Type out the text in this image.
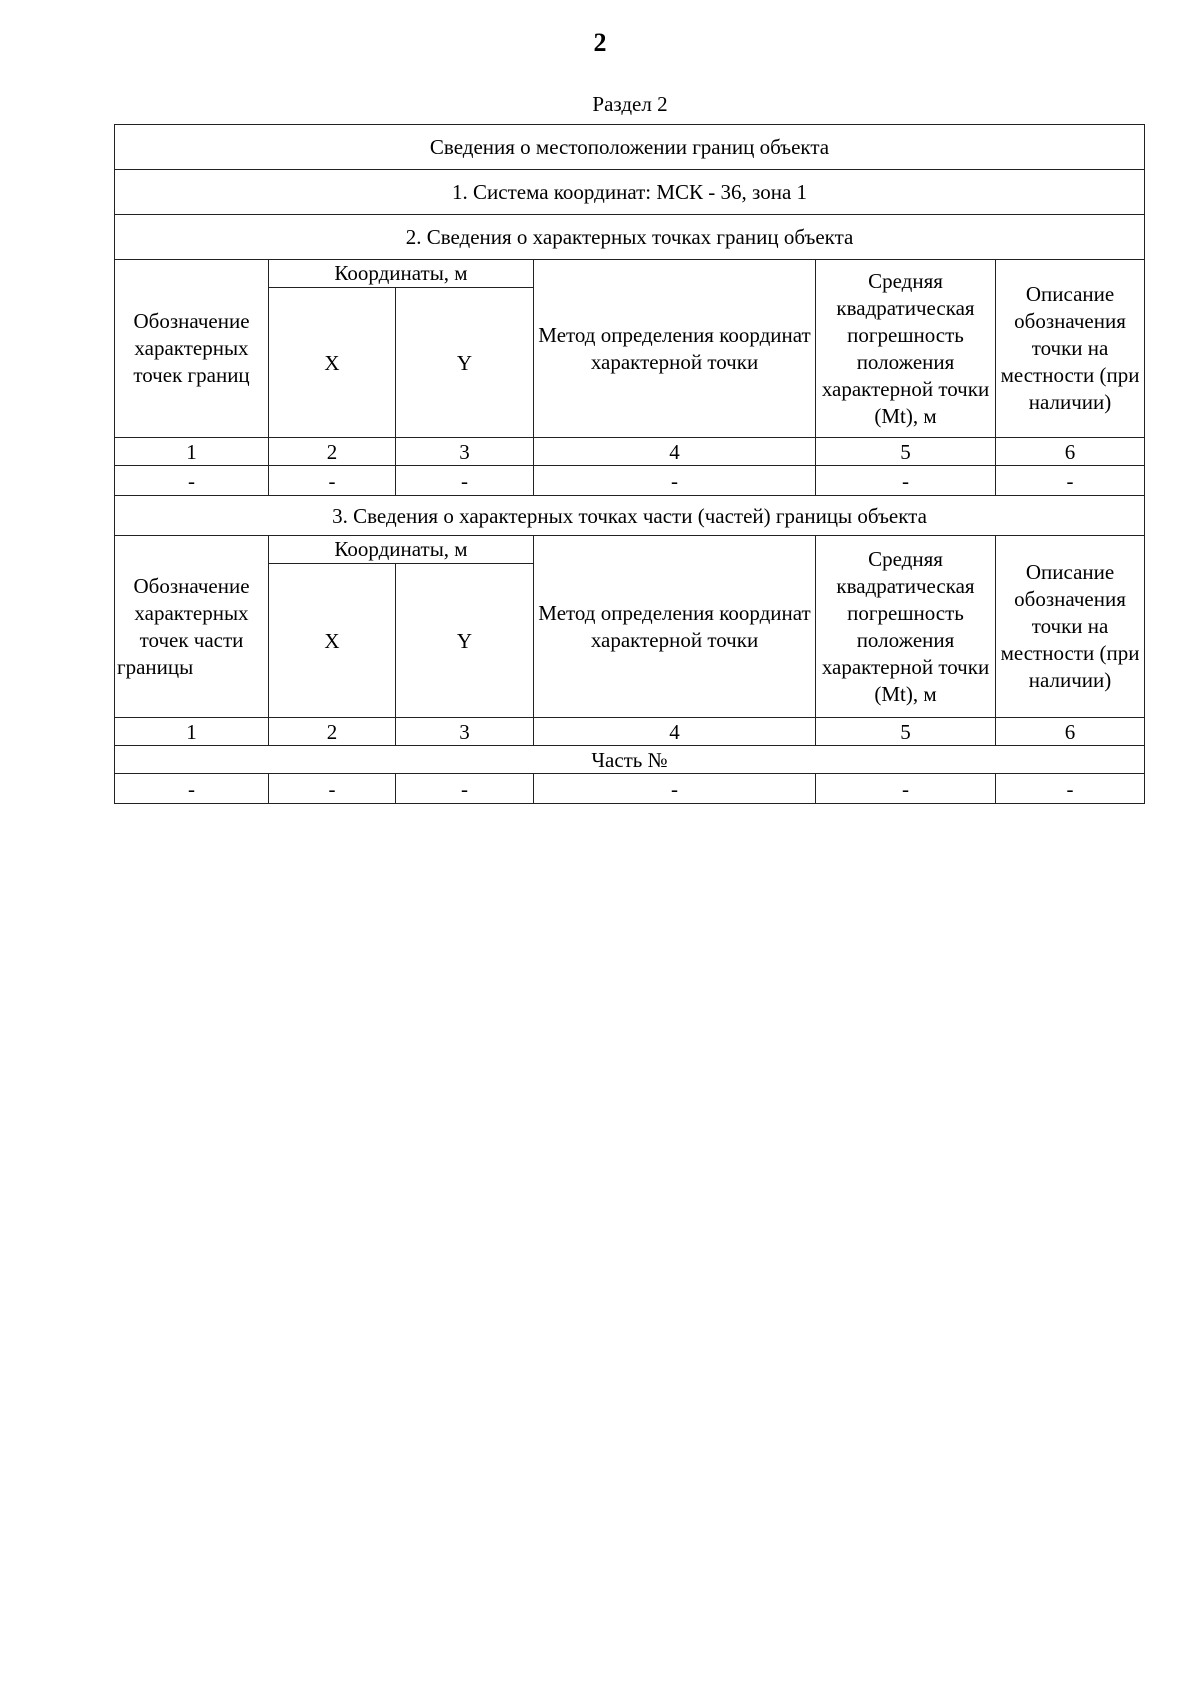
2
Раздел 2
Сведения о местоположении границ объекта					
1. Система координат: МСК - 36, зона 1					
2. Сведения о характерных точках границ объекта					
Обозначение характерных точек границ	Координаты, м		Метод определения координат характерной точки	Средняя квадратическая погрешность положения характерной точки (Mt), м	Описание обозначения точки на местности (при наличии)
	X	Y			
1	2	3	4	5	6
-	-	-	-	-	-
3. Сведения о характерных точках части (частей) границы объекта					
Обозначение характерных точек части границы	Координаты, м		Метод определения координат характерной точки	Средняя квадратическая погрешность положения характерной точки (Mt), м	Описание обозначения точки на местности (при наличии)
	X	Y			
1	2	3	4	5	6
Часть №					
-	-	-	-	-	-
